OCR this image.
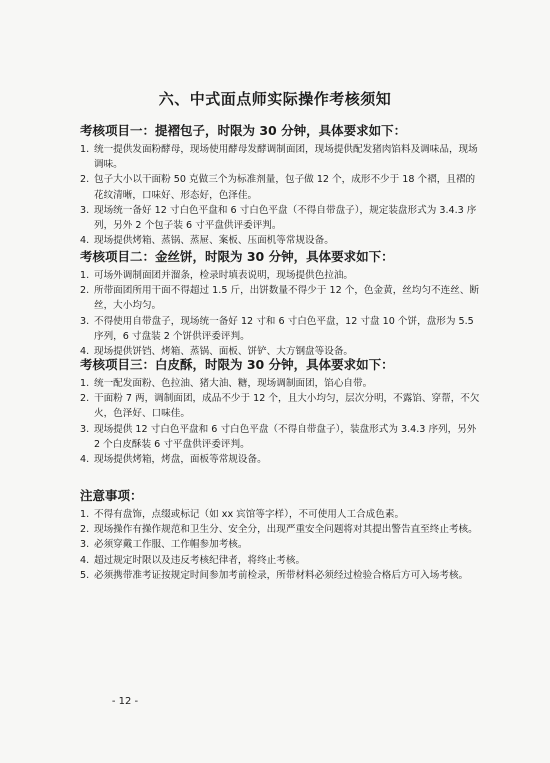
六、中式面点师实际操作考核须知
考核项目一：提褶包子，时限为 30 分钟，具体要求如下：
1. 统一提供发面粉酵母，现场使用酵母发酵调制面团，现场提供配发猪肉馅料及调味品，现场调味。
2. 包子大小以干面粉 50 克做三个为标准剂量，包子做 12 个，成形不少于 18 个褶，且褶的花纹清晰，口味好、形态好，色泽佳。
3. 现场统一备好 12 寸白色平盘和 6 寸白色平盘（不得自带盘子），规定装盘形式为 3.4.3 序列，另外 2 个包子装 6 寸平盘供评委评判。
4. 现场提供烤箱、蒸锅、蒸屉、案板、压面机等常规设备。
考核项目二：金丝饼，时限为 30 分钟，具体要求如下：
1. 可场外调制面团并溜条，检录时填表说明，现场提供色拉油。
2. 所带面团所用干面不得超过 1.5 斤，出饼数量不得少于 12 个，色金黄，丝均匀不连丝、断丝，大小均匀。
3. 不得使用自带盘子，现场统一备好 12 寸和 6 寸白色平盘，12 寸盘 10 个饼，盘形为 5.5 序列，6 寸盘装 2 个饼供评委评判。
4. 现场提供饼铛、烤箱、蒸锅、面板、饼铲、大方钢盘等设备。
考核项目三：白皮酥，时限为 30 分钟，具体要求如下：
1. 统一配发面粉、色拉油、猪大油、糖，现场调制面团，馅心自带。
2. 干面粉 7 两，调制面团，成品不少于 12 个，且大小均匀，层次分明，不露馅、穿帮，不欠火，色泽好、口味佳。
3. 现场提供 12 寸白色平盘和 6 寸白色平盘（不得自带盘子），装盘形式为 3.4.3 序列，另外 2 个白皮酥装 6 寸平盘供评委评判。
4. 现场提供烤箱，烤盘，面板等常规设备。
注意事项：
1. 不得有盘饰，点缀或标记（如 xx 宾馆等字样），不可使用人工合成色素。
2. 现场操作有操作规范和卫生分、安全分，出现严重安全问题将对其提出警告直至终止考核。
3. 必须穿戴工作服、工作帽参加考核。
4. 超过规定时限以及违反考核纪律者，将终止考核。
5. 必须携带准考证按规定时间参加考前检录，所带材料必须经过检验合格后方可入场考核。
- 12 -
